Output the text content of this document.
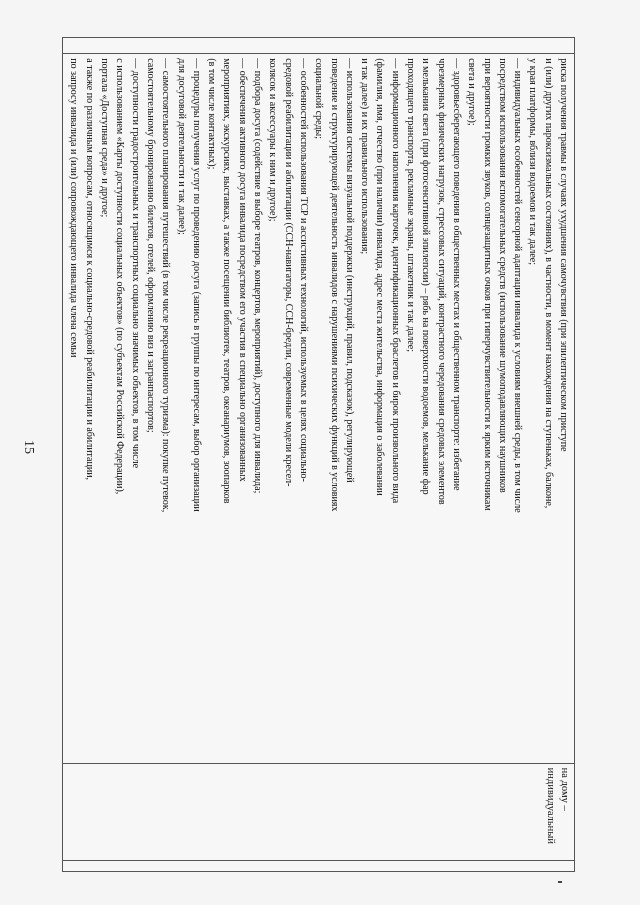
15
		риска получения травмы в случаях ухудшения самочувствия (при эпилептическом приступе
и (или) других пароксизмальных состояниях), в частности, в момент нахождения на ступеньках, балконе,
у края платформы, вблизи водоемов и так далее;
— индивидуальных особенностей сенсорной адаптации инвалида к условиям внешней среды, в том числе
посредством использования вспомогательных средств (использование шумоподавляющих наушников
при вероятности громких звуков, солнцезащитных очков при гиперчувствительности к ярким источникам
света и другое);
— здоровьесберегающего поведения в общественных местах и общественном транспорте: избегание
чрезмерных физических нагрузок, стрессовых ситуаций, контрастного чередования средовых элементов
и мелькания света (при фотосенситивной эпилепсии) – рябь на поверхности водоемов, мелькание фар
проходящего транспорта, рекламные экраны, штакетник и так далее;
— информационного наполнения карточек, идентификационных браслетов и бирок произвольного вида
(фамилия, имя, отчество (при наличии) инвалида, адрес места жительства, информация о заболевании
и так далее) и их правильного использования;
— использования системы визуальной поддержки (инструкций, правил, подсказок), регулирующей
поведение и структурирующей деятельность инвалидов с нарушениями психических функций в условиях
социальной среды;
— особенностей использования ТСР и ассистивных технологий, используемых в целях социально-
средовой реабилитации и абилитации (ССН-навигаторы, ССН-бредли, современные модели кресел-
колясок и аксессуары к ним и другое);
— подбора досуга (содействие в выборе театров, концертов, мероприятий), доступного для инвалида;
— обеспечения активного досуга инвалида посредством его участия в специально организованных
мероприятиях, экскурсиях, выставках, а также посещении библиотек, театров, океанариумов, зоопарков
(в том числе контактных);
— процедуры получения услуг по проведению досуга (запись в группы по интересам, выбор организации
для досуговой деятельности и так далее);
— самостоятельного планирования путешествий (в том числе рекреационного туризма): покупке путевок,
самостоятельному бронированию билетов, отелей, оформлению виз и загранпаспортов;
— доступности градостроительных и транспортных социально значимых объектов, в том числе
с использованием «Карты доступности социальных объектов» (по субъектам Российской Федерации),
портала «Доступная среда» и другое;
а также по различным вопросам, относящимся к социально-средовой реабилитации и абилитации,
по запросу инвалида и (или) сопровождающего инвалида члена семьи

на дому –
индивидуальный
